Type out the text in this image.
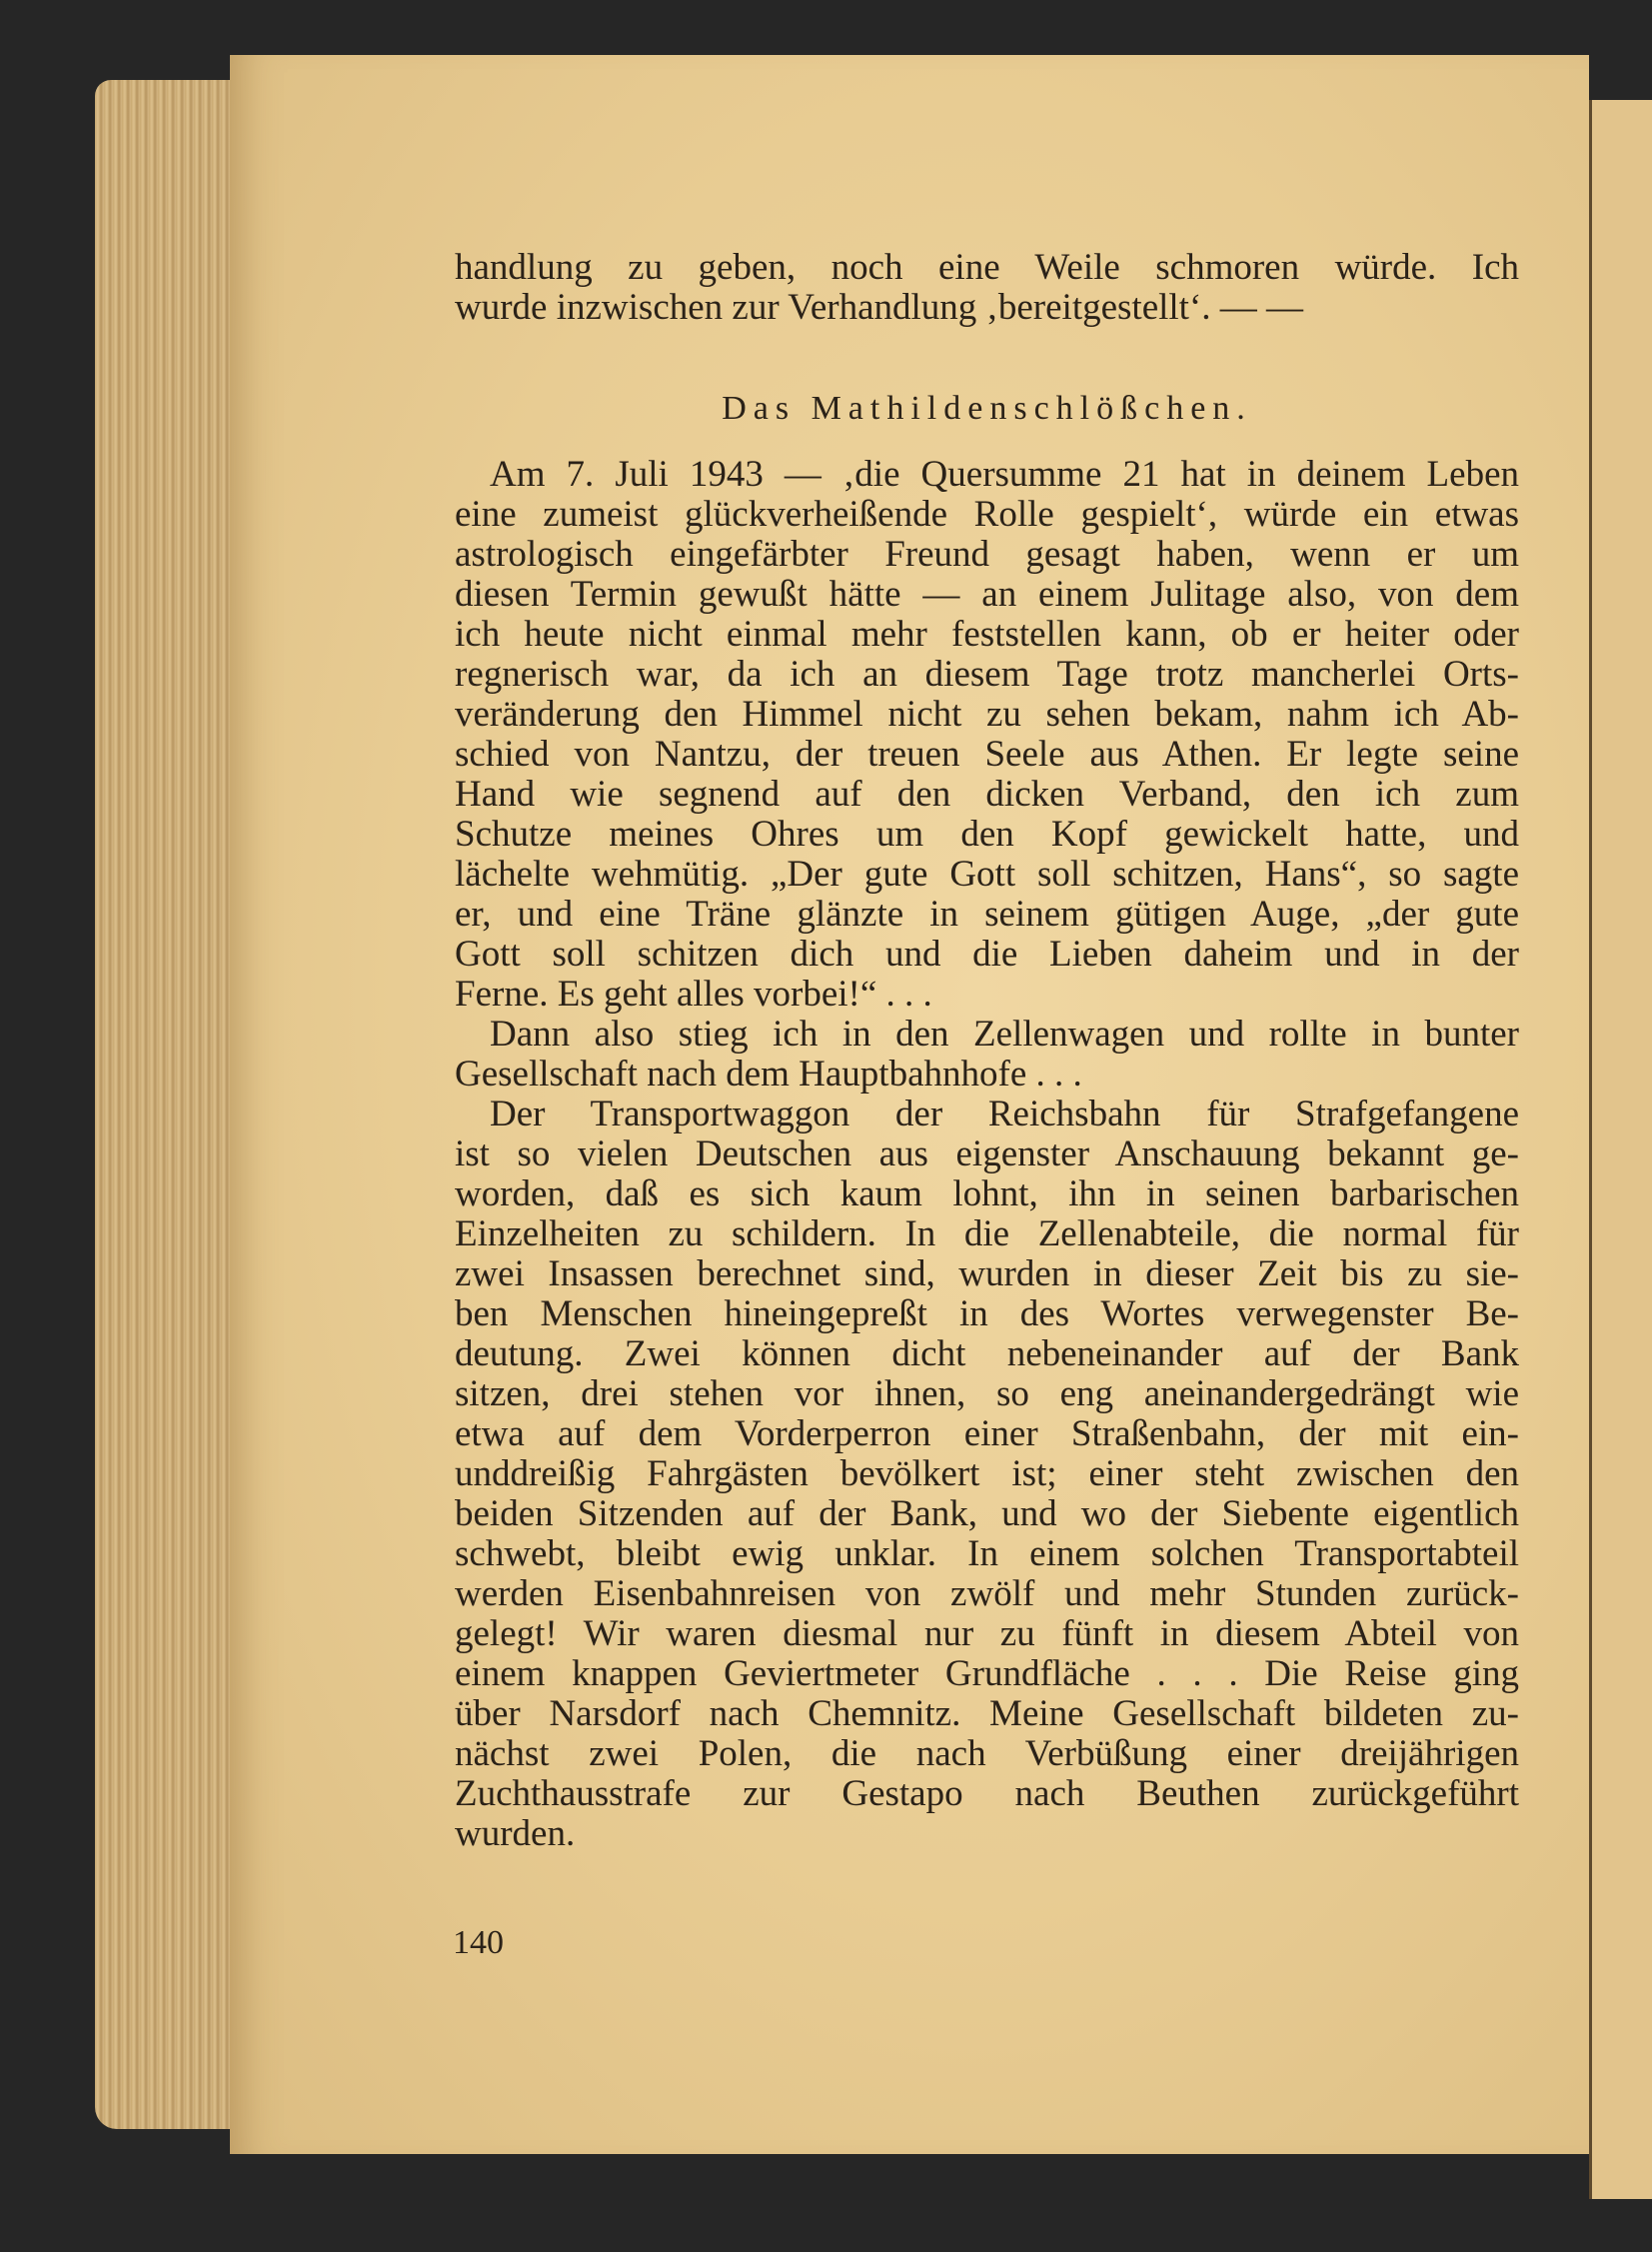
handlung zu geben, noch eine Weile schmoren würde. Ich
wurde inzwischen zur Verhandlung ‚bereitgestellt‘. — —
Das Mathildenschlößchen.
Am 7. Juli 1943 — ‚die Quersumme 21 hat in deinem Leben
eine zumeist glückverheißende Rolle gespielt‘, würde ein etwas
astrologisch eingefärbter Freund gesagt haben, wenn er um
diesen Termin gewußt hätte — an einem Julitage also, von dem
ich heute nicht einmal mehr feststellen kann, ob er heiter oder
regnerisch war, da ich an diesem Tage trotz mancherlei Orts-
veränderung den Himmel nicht zu sehen bekam, nahm ich Ab-
schied von Nantzu, der treuen Seele aus Athen. Er legte seine
Hand wie segnend auf den dicken Verband, den ich zum
Schutze meines Ohres um den Kopf gewickelt hatte, und
lächelte wehmütig. „Der gute Gott soll schitzen, Hans“, so sagte
er, und eine Träne glänzte in seinem gütigen Auge, „der gute
Gott soll schitzen dich und die Lieben daheim und in der
Ferne. Es geht alles vorbei!“ . . .
Dann also stieg ich in den Zellenwagen und rollte in bunter
Gesellschaft nach dem Hauptbahnhofe . . .
Der Transportwaggon der Reichsbahn für Strafgefangene
ist so vielen Deutschen aus eigenster Anschauung bekannt ge-
worden, daß es sich kaum lohnt, ihn in seinen barbarischen
Einzelheiten zu schildern. In die Zellenabteile, die normal für
zwei Insassen berechnet sind, wurden in dieser Zeit bis zu sie-
ben Menschen hineingepreßt in des Wortes verwegenster Be-
deutung. Zwei können dicht nebeneinander auf der Bank
sitzen, drei stehen vor ihnen, so eng aneinandergedrängt wie
etwa auf dem Vorderperron einer Straßenbahn, der mit ein-
unddreißig Fahrgästen bevölkert ist; einer steht zwischen den
beiden Sitzenden auf der Bank, und wo der Siebente eigentlich
schwebt, bleibt ewig unklar. In einem solchen Transportabteil
werden Eisenbahnreisen von zwölf und mehr Stunden zurück-
gelegt! Wir waren diesmal nur zu fünft in diesem Abteil von
einem knappen Geviertmeter Grundfläche . . . Die Reise ging
über Narsdorf nach Chemnitz. Meine Gesellschaft bildeten zu-
nächst zwei Polen, die nach Verbüßung einer dreijährigen
Zuchthausstrafe zur Gestapo nach Beuthen zurückgeführt
wurden.
140
